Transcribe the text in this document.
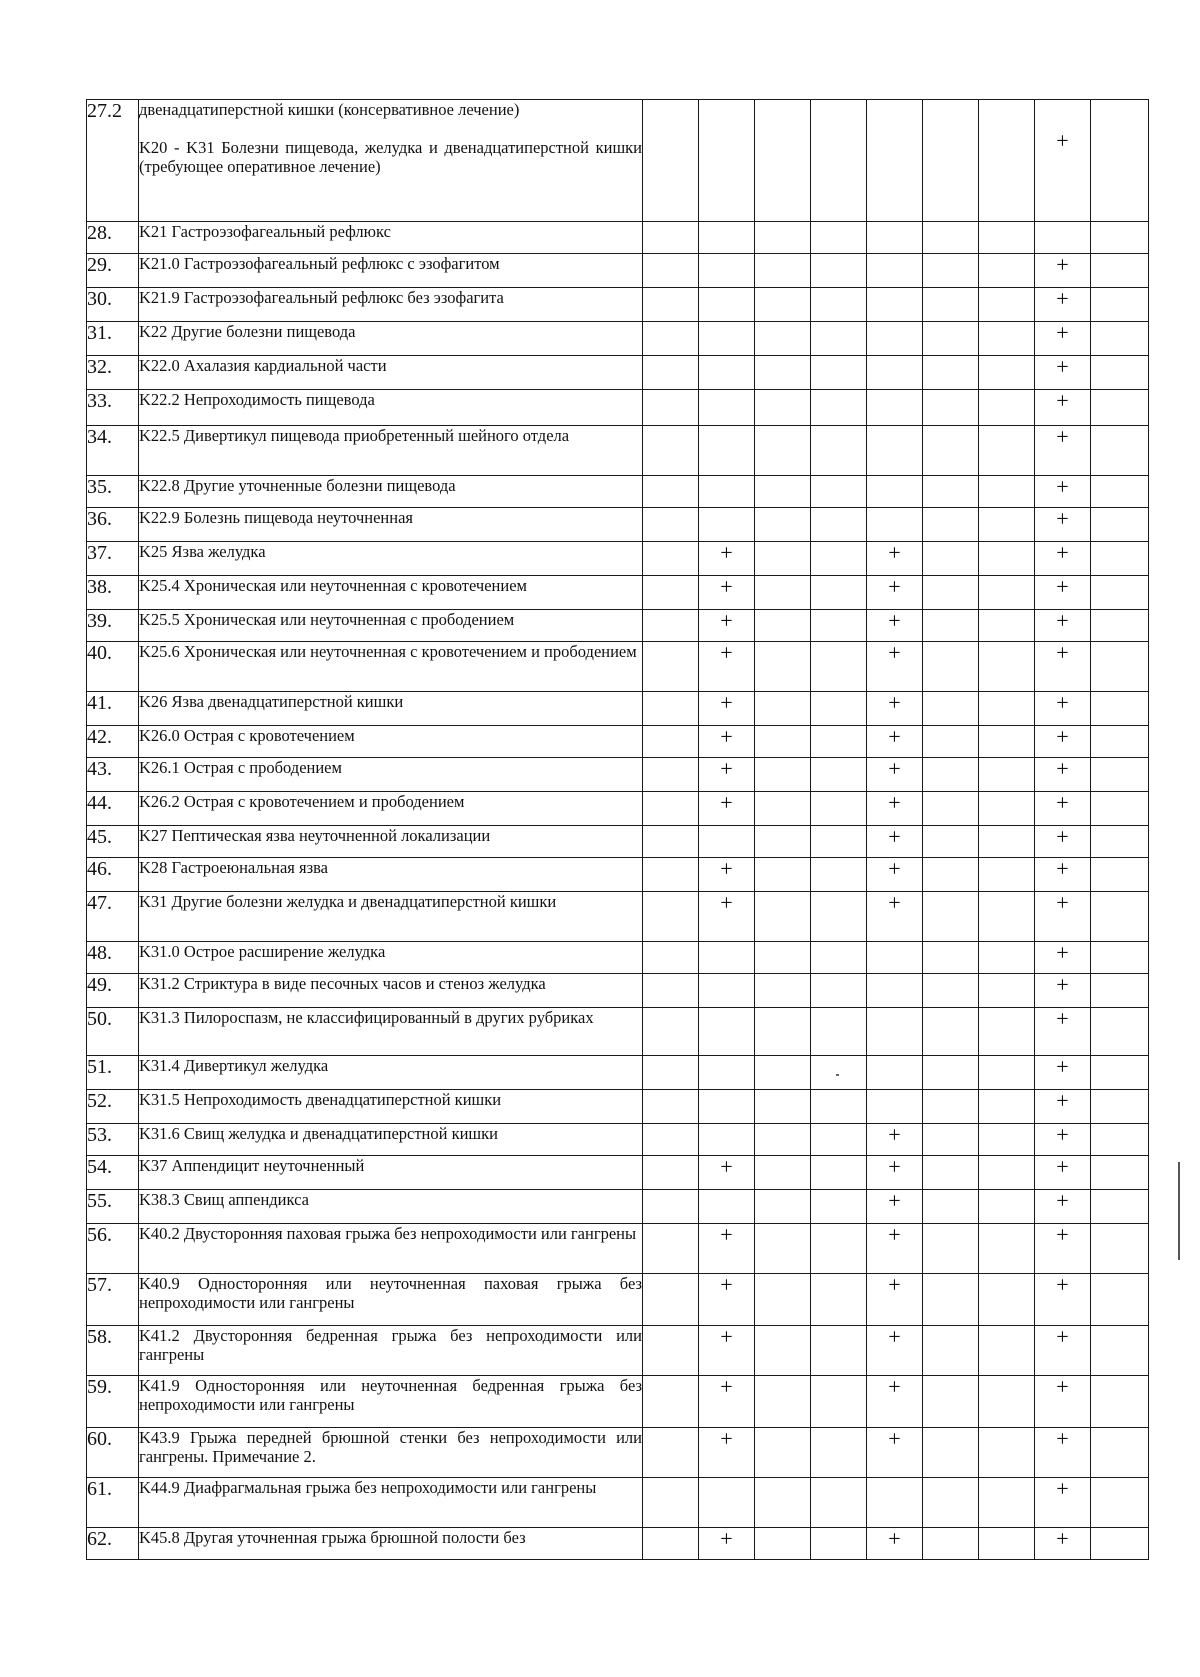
27.2	двенадцатиперстной кишки (консервативное лечение)

K20 - K31 Болезни пищевода, желудка и двенадцатиперстной кишки (требующее оперативное лечение)								+	
28.	K21 Гастроэзофагеальный рефлюкс									
29.	K21.0 Гастроэзофагеальный рефлюкс с эзофагитом								+	
30.	K21.9 Гастроэзофагеальный рефлюкс без эзофагита								+	
31.	K22 Другие болезни пищевода								+	
32.	K22.0 Ахалазия кардиальной части								+	
33.	K22.2 Непроходимость пищевода								+	
34.	K22.5 Дивертикул пищевода приобретенный шейного отдела								+	
35.	K22.8 Другие уточненные болезни пищевода								+	
36.	K22.9 Болезнь пищевода неуточненная								+	
37.	K25 Язва желудка		+			+			+	
38.	K25.4 Хроническая или неуточненная с кровотечением		+			+			+	
39.	K25.5 Хроническая или неуточненная с прободением		+			+			+	
40.	K25.6 Хроническая или неуточненная с кровотечением и прободением		+			+			+	
41.	K26 Язва двенадцатиперстной кишки		+			+			+	
42.	K26.0 Острая с кровотечением		+			+			+	
43.	K26.1 Острая с прободением		+			+			+	
44.	K26.2 Острая с кровотечением и прободением		+			+			+	
45.	K27 Пептическая язва неуточненной локализации					+			+	
46.	K28 Гастроеюнальная язва		+			+			+	
47.	K31 Другие болезни желудка и двенадцатиперстной кишки		+			+			+	
48.	K31.0 Острое расширение желудка								+	
49.	K31.2 Стриктура в виде песочных часов и стеноз желудка								+	
50.	K31.3 Пилороспазм, не классифицированный в других рубриках								+	
51.	K31.4 Дивертикул желудка								+	
52.	K31.5 Непроходимость двенадцатиперстной кишки								+	
53.	K31.6 Свищ желудка и двенадцатиперстной кишки					+			+	
54.	K37 Аппендицит неуточненный		+			+			+	
55.	K38.3 Свищ аппендикса					+			+	
56.	K40.2 Двусторонняя паховая грыжа без непроходимости или гангрены		+			+			+	
57.	K40.9 Односторонняя или неуточненная паховая грыжа без непроходимости или гангрены		+			+			+	
58.	K41.2 Двусторонняя бедренная грыжа без непроходимости или гангрены		+			+			+	
59.	K41.9 Односторонняя или неуточненная бедренная грыжа без непроходимости или гангрены		+			+			+	
60.	K43.9 Грыжа передней брюшной стенки без непроходимости или гангрены. Примечание 2.		+			+			+	
61.	K44.9 Диафрагмальная грыжа без непроходимости или гангрены								+	
62.	K45.8 Другая уточненная грыжа брюшной полости без		+			+			+	
